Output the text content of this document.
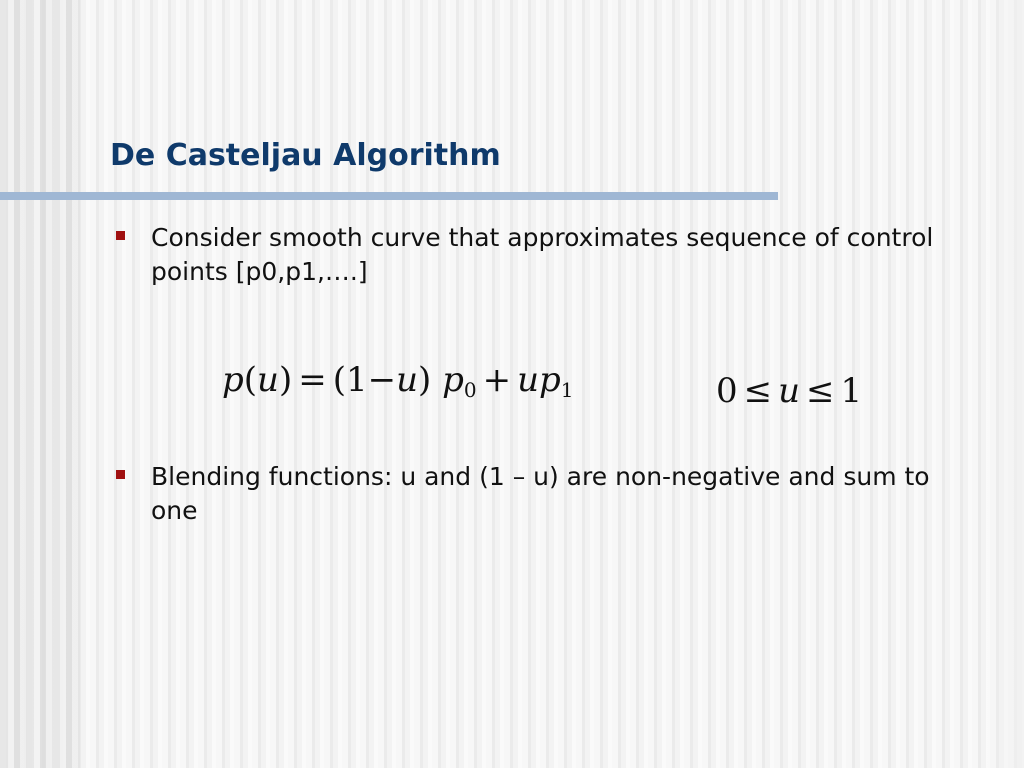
De Casteljau Algorithm
Consider smooth curve that approximates sequence of control points [p0,p1,….]
p(u) = (1−u) $p_0 + up_1$	0 ≤ u ≤ 1
Blending functions: u and (1 – u) are non-negative and sum to one
